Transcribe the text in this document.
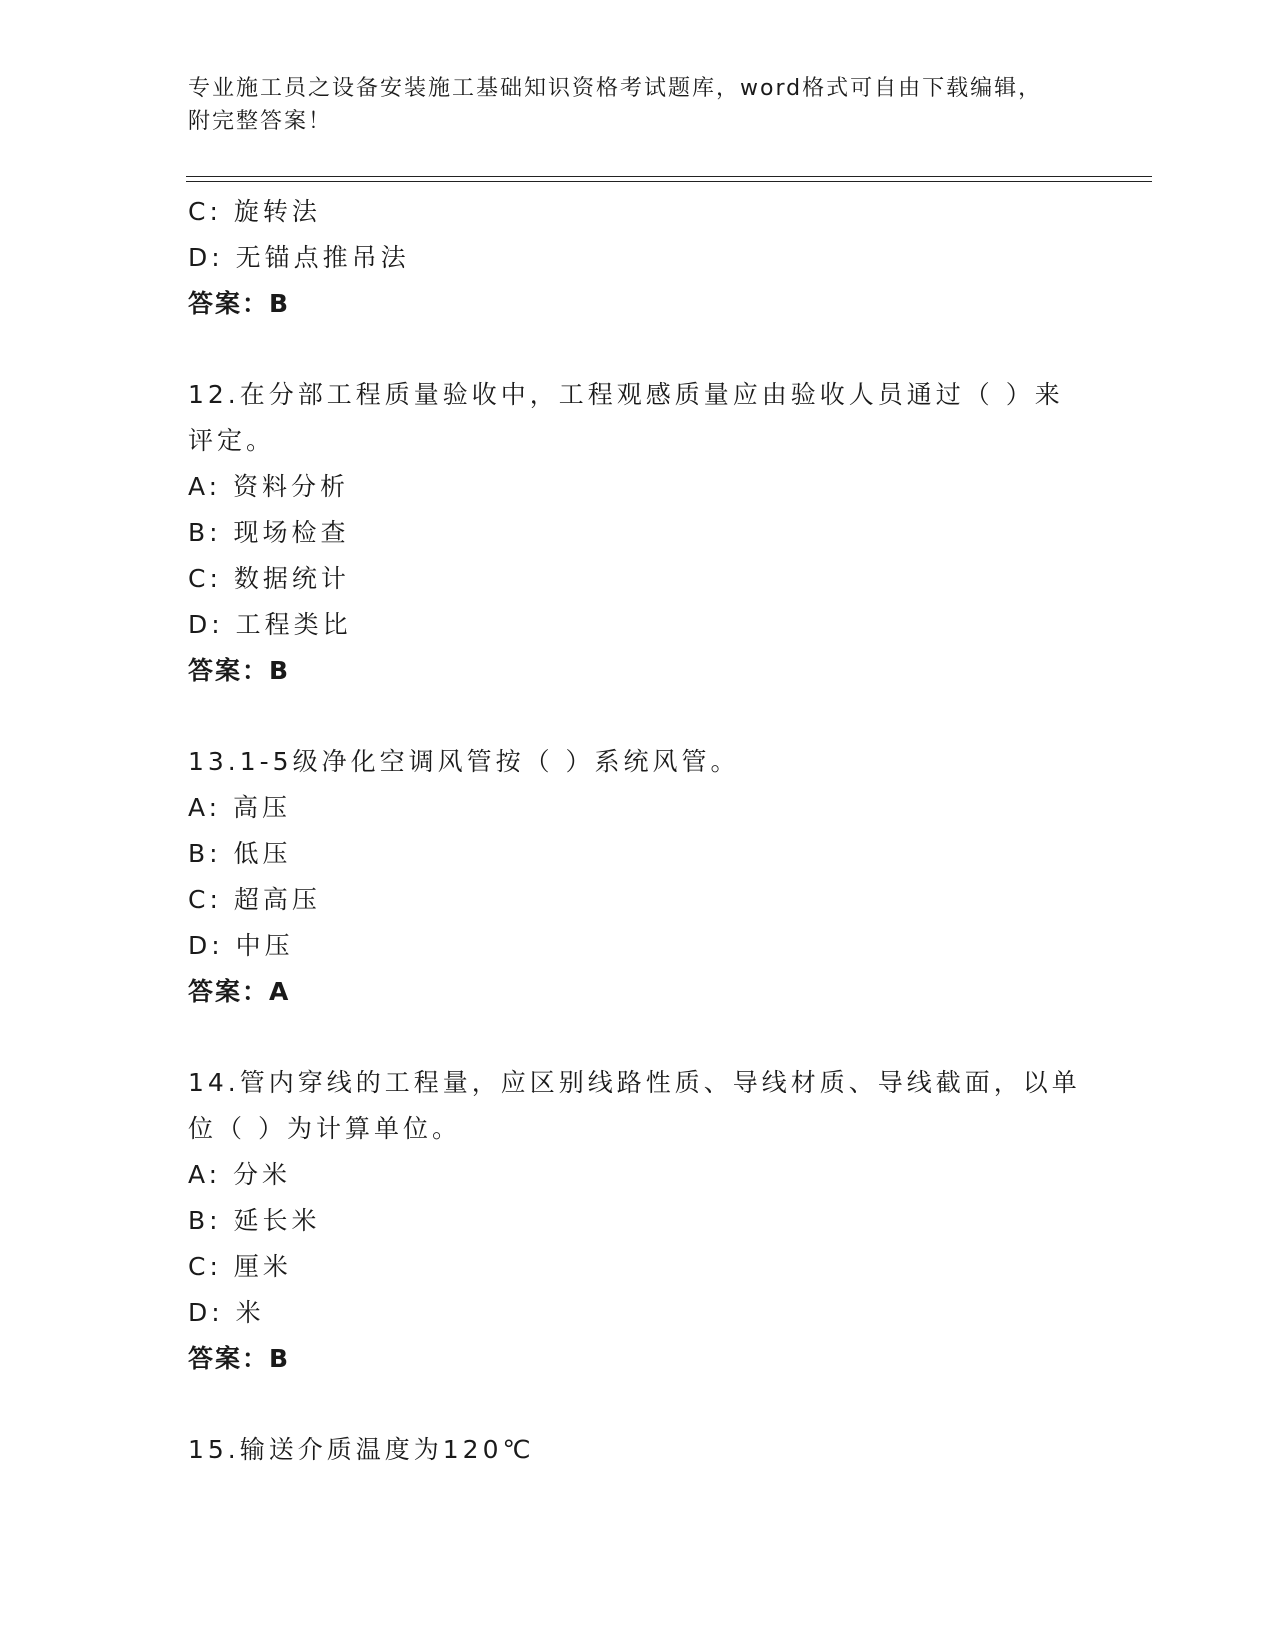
专业施工员之设备安装施工基础知识资格考试题库，word格式可自由下载编辑，
附完整答案！
C: 旋转法
D: 无锚点推吊法
答案：B
12.在分部工程质量验收中，工程观感质量应由验收人员通过（ ）来
评定。
A: 资料分析
B: 现场检查
C: 数据统计
D: 工程类比
答案：B
13.1-5级净化空调风管按（ ）系统风管。
A: 高压
B: 低压
C: 超高压
D: 中压
答案：A
14.管内穿线的工程量，应区别线路性质、导线材质、导线截面，以单
位（ ）为计算单位。
A: 分米
B: 延长米
C: 厘米
D: 米
答案：B
15.输送介质温度为120℃
